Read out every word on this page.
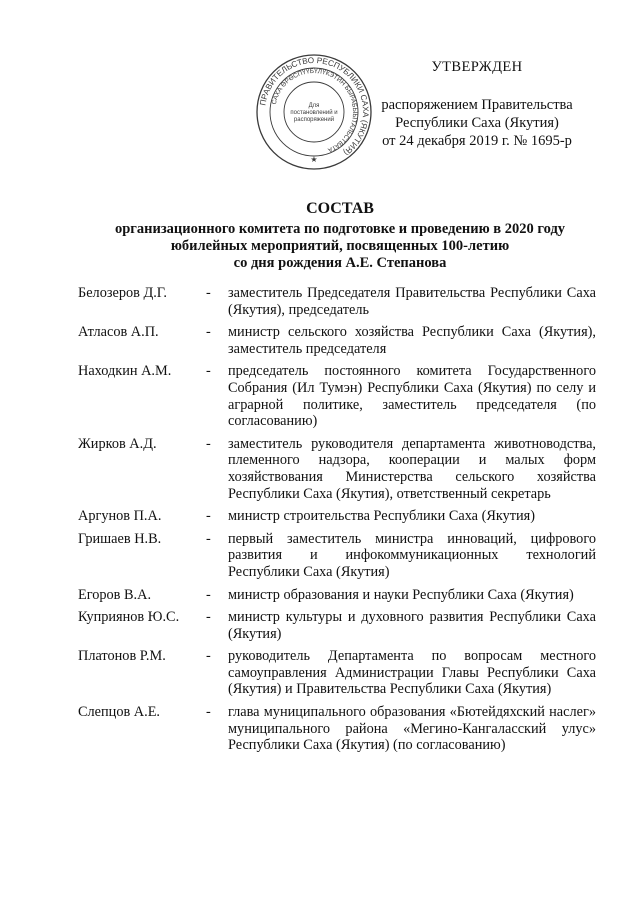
ПРАВИТЕЛЬСТВО РЕСПУБЛИКИ САХА (ЯКУТИЯ)
САХА ӨРӨСПҮҮБҮЛҮКЭТИН БЫРАБЫЫТАЛЬСТВАТА
Для
постановлений и
распоряжений
★
УТВЕРЖДЕН
распоряжением Правительства
Республики Саха (Якутия)
от 24 декабря 2019 г. № 1695-р
СОСТАВ
организационного комитета по подготовке и проведению в 2020 году
юбилейных мероприятий, посвященных 100-летию
со дня рождения А.Е. Степанова
Белозеров Д.Г.	-	заместитель Председателя Правительства Республики Саха (Якутия), председатель
Атласов А.П.	-	министр сельского хозяйства Республики Саха (Якутия), заместитель председателя
Находкин А.М.	-	председатель постоянного комитета Государственного Собрания (Ил Тумэн) Республики Саха (Якутия) по селу и аграрной политике, заместитель председателя (по согласованию)
Жирков А.Д.	-	заместитель руководителя департамента животноводства, племенного надзора, кооперации и малых форм хозяйствования Министерства сельского хозяйства Республики Саха (Якутия), ответственный секретарь
Аргунов П.А.	-	министр строительства Республики Саха (Якутия)
Гришаев Н.В.	-	первый заместитель министра инноваций, цифрового развития и инфокоммуникационных технологий Республики Саха (Якутия)
Егоров В.А.	-	министр образования и науки Республики Саха (Якутия)
Куприянов Ю.С.	-	министр культуры и духовного развития Республики Саха (Якутия)
Платонов Р.М.	-	руководитель Департамента по вопросам местного самоуправления Администрации Главы Республики Саха (Якутия) и Правительства Республики Саха (Якутия)
Слепцов А.Е.	-	глава муниципального образования «Бютейдяхский наслег» муниципального района «Мегино-Кангаласский улус» Республики Саха (Якутия) (по согласованию)
